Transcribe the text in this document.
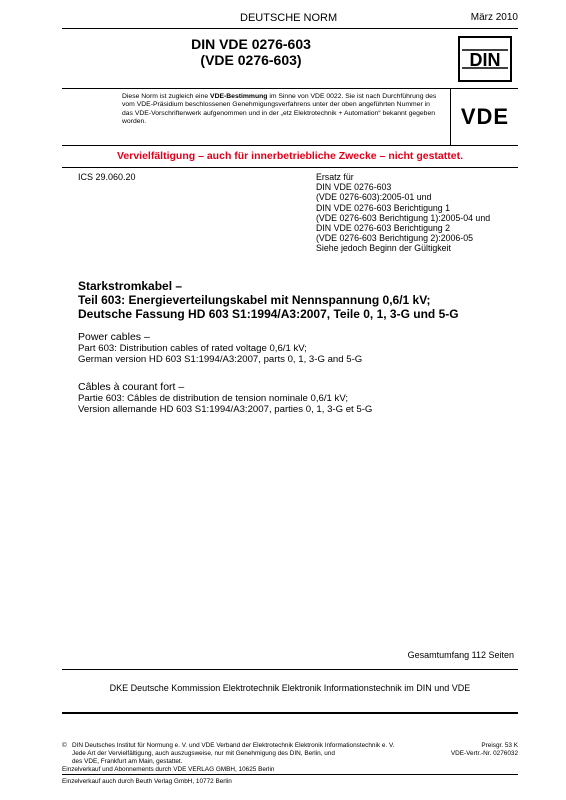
DEUTSCHE NORM	März 2010
DIN VDE 0276-603
(VDE 0276-603)	DIN
Diese Norm ist zugleich eine VDE-Bestimmung im Sinne von VDE 0022. Sie ist nach Durchführung des vom VDE-Präsidium beschlossenen Genehmigungsverfahrens unter der oben angeführten Nummer in das VDE-Vorschriftenwerk aufgenommen und in der „etz Elektrotechnik + Automation“ bekannt gegeben worden.	VDE
Vervielfältigung – auch für innerbetriebliche Zwecke – nicht gestattet.
ICS 29.060.20	Ersatz für
DIN VDE 0276-603
(VDE 0276-603):2005-01 und
DIN VDE 0276-603 Berichtigung 1
(VDE 0276-603 Berichtigung 1):2005-04 und
DIN VDE 0276-603 Berichtigung 2
(VDE 0276-603 Berichtigung 2):2006-05
Siehe jedoch Beginn der Gültigkeit
Starkstromkabel –
Teil 603: Energieverteilungskabel mit Nennspannung 0,6/1 kV;
Deutsche Fassung HD 603 S1:1994/A3:2007, Teile 0, 1, 3-G und 5-G
Power cables –
Part 603: Distribution cables of rated voltage 0,6/1 kV;
German version HD 603 S1:1994/A3:2007, parts 0, 1, 3-G and 5-G
Câbles à courant fort –
Partie 603: Câbles de distribution de tension nominale 0,6/1 kV;
Version allemande HD 603 S1:1994/A3:2007, parties 0, 1, 3-G et 5-G
Gesamtumfang 112 Seiten
DKE Deutsche Kommission Elektrotechnik Elektronik Informationstechnik im DIN und VDE
© DIN Deutsches Institut für Normung e. V. und VDE Verband der Elektrotechnik Elektronik Informationstechnik e. V.
Jede Art der Vervielfältigung, auch auszugsweise, nur mit Genehmigung des DIN, Berlin, und
des VDE, Frankfurt am Main, gestattet.
Preisgr. 53 K
VDE-Vertr.-Nr. 0276032
Einzelverkauf und Abonnements durch VDE VERLAG GMBH, 10625 Berlin
Einzelverkauf auch durch Beuth Verlag GmbH, 10772 Berlin
